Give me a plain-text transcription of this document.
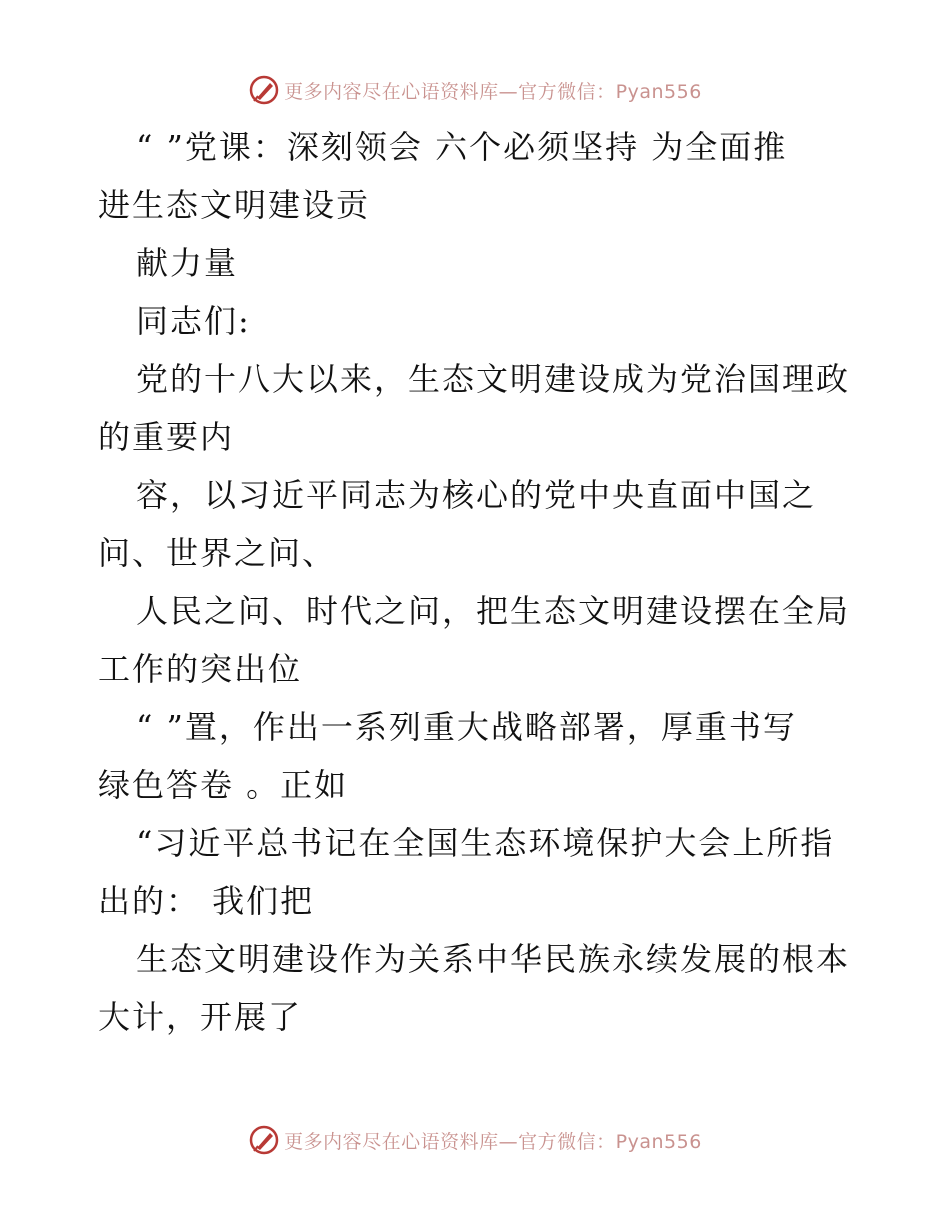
更多内容尽在心语资料库—官方微信：Pyan556
“ ”党课：深刻领会 六个必须坚持 为全面推
进生态文明建设贡
献力量
同志们:
党的十八大以来，生态文明建设成为党治国理政
的重要内
容，以习近平同志为核心的党中央直面中国之
问、世界之问、
人民之问、时代之问，把生态文明建设摆在全局
工作的突出位
“ ”置，作出一系列重大战略部署，厚重书写
绿色答卷 。正如
“习近平总书记在全国生态环境保护大会上所指
出的： 我们把
生态文明建设作为关系中华民族永续发展的根本
大计，开展了
更多内容尽在心语资料库—官方微信：Pyan556
